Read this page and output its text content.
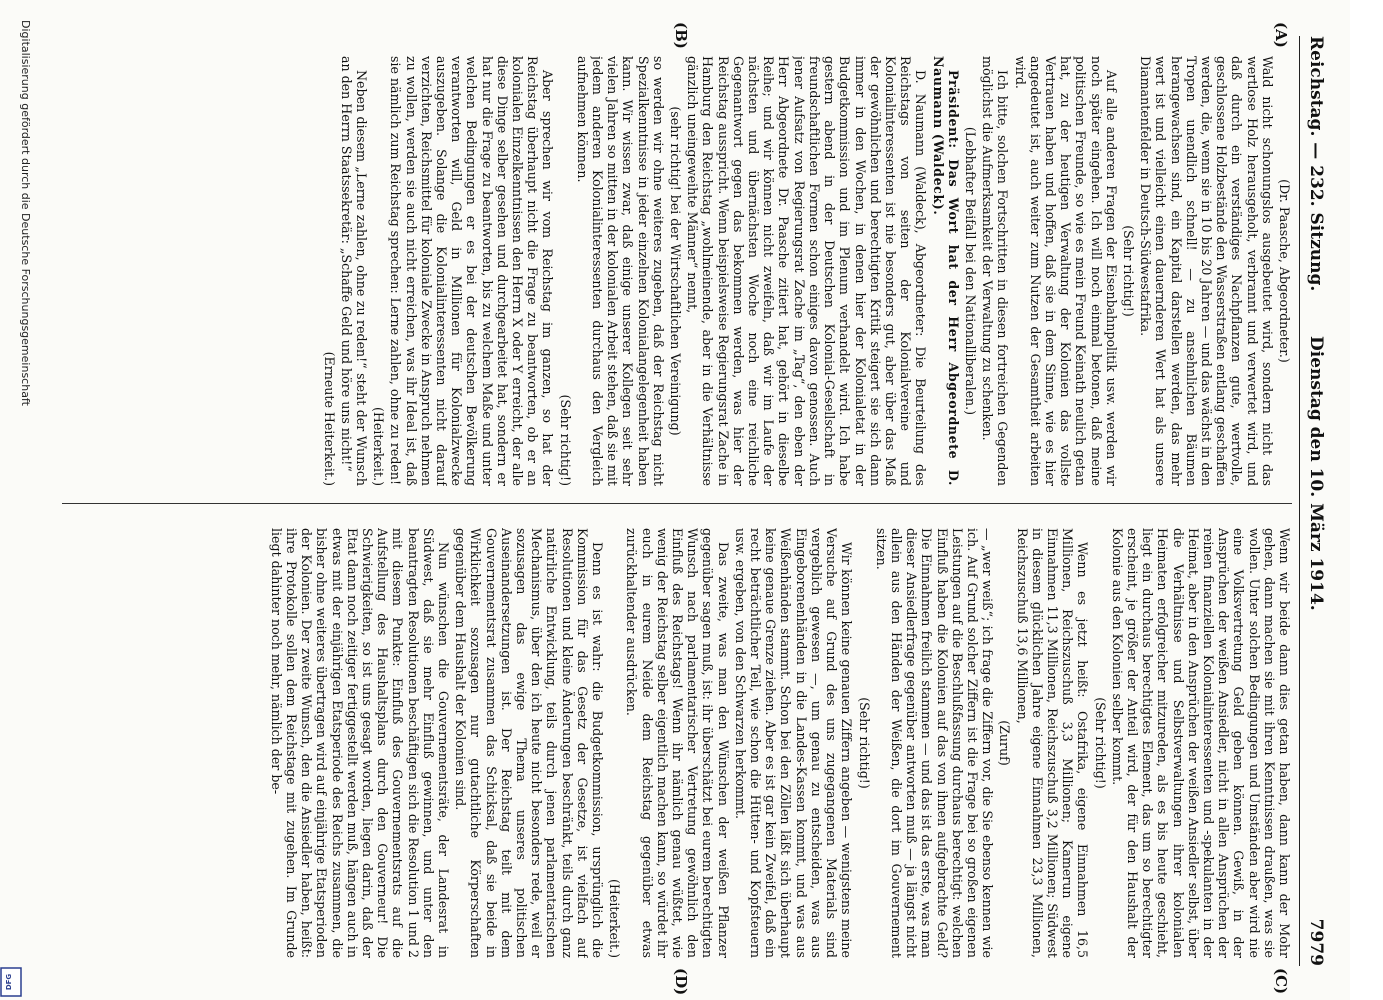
Reichstag. — 232. Sitzung.
Dienstag den 10. März 1914.
7979
(A)
(B)
(C)
(D)

(Dr. Paasche, Abgeordneter.)

Wald nicht schonungslos ausgebeutet wird, sondern nicht das wertlose Holz herausgeholt, verbrannt und verwertet wird, und daß durch ein verständiges Nachpflanzen gute, wertvolle, geschlossene Holzbestände den Wasserstraßen entlang geschaffen werden, die, wenn sie in 10 bis 20 Jahren — und das wächst in den Tropen unendlich schnell! — zu ansehnlichen Bäumen herangewachsen sind, ein Kapital darstellen werden, das mehr wert ist und vielleicht einen dauernderen Wert hat als unsere Diamantenfelder in Deutsch-Südwestafrika.

(Sehr richtig!)

Auf alle anderen Fragen der Eisenbahnpolitik usw. werden wir noch später eingehen. Ich will noch einmal betonen, daß meine politischen Freunde, so wie es mein Freund Keinath neulich getan hat, zu der heutigen Verwaltung der Kolonien das vollste Vertrauen haben und hoffen, daß sie in dem Sinne, wie es hier angedeutet ist, auch weiter zum Nutzen der Gesamtheit arbeiten wird.

Ich bitte, solchen Fortschritten in diesen fortreichen Gegenden möglichst die Aufmerksamkeit der Verwaltung zu schenken.

(Lebhafter Beifall bei den Nationalliberalen.)

Präsident: Das Wort hat der Herr Abgeordnete D. Naumann (Waldeck).

D. Naumann (Waldeck), Abgeordneter: Die Beurteilung des Reichstags von seiten der Kolonialvereine und Kolonialinteressenten ist nie besonders gut, aber über das Maß der gewöhnlichen und berechtigten Kritik steigert sie sich dann immer in den Wochen, in denen hier der Kolonialetat in der Budgetkommission und im Plenum verhandelt wird. Ich habe gestern abend in der Deutschen Kolonial-Gesellschaft in freundschaftlichen Formen schon einiges davon genossen. Auch jener Aufsatz von Regierungsrat Zache im „Tag“, den eben der Herr Abgeordnete Dr. Paasche zitiert hat, gehört in dieselbe Reihe; und wir können nicht zweifeln, daß wir im Laufe der nächsten und übernächsten Woche noch eine reichliche Gegenantwort gegen das bekommen werden, was hier der Reichstag ausspricht. Wenn beispielsweise Regierungsrat Zache in Hamburg den Reichstag „wohlmeinende, aber in die Verhältnisse gänzlich uneingeweihte Männer“ nennt,

(sehr richtig! bei der Wirtschaftlichen Vereinigung)

so werden wir ohne weiteres zugeben, daß der Reichstag nicht Spezialkenntnisse in jeder einzelnen Kolonialangelegenheit haben kann. Wir wissen zwar, daß einige unserer Kollegen seit sehr vielen Jahren so mitten in der kolonialen Arbeit stehen, daß sie mit jedem anderen Kolonialinteressenten durchaus den Vergleich aufnehmen können.

(Sehr richtig!)

Aber sprechen wir vom Reichstag im ganzen, so hat der Reichstag überhaupt nicht die Frage zu beantworten, ob er an kolonialen Einzelkenntnissen den Herrn X oder Y erreicht, der alle diese Dinge selber gesehen und durchgearbeitet hat, sondern er hat nur die Frage zu beantworten, bis zu welchem Maße und unter welchen Bedingungen er es bei der deutschen Bevölkerung verantworten will, Geld in Millionen für Kolonialzwecke auszugeben. Solange die Kolonialinteressenten nicht darauf verzichten, Reichsmittel für koloniale Zwecke in Anspruch nehmen zu wollen, werden sie auch nicht erreichen, was ihr Ideal ist, daß sie nämlich zum Reichstag sprechen: Lerne zahlen, ohne zu reden!

(Heiterkeit.)

Neben diesem „Lerne zahlen, ohne zu reden!“ steht der Wunsch an den Herrn Staatssekretär: „Schaffe Geld und höre uns nicht!“

(Erneute Heiterkeit.)

Wenn wir beide dann dies getan haben, dann kann der Mohr gehen, dann machen sie mit ihren Kenntnissen draußen, was sie wollen. Unter solchen Bedingungen und Umständen aber wird nie eine Volksvertretung Geld geben können. Gewiß, in der Ansprüchen der weißen Ansiedler, nicht in allen Ansprüchen der reinen finanziellen Kolonialinteressenten und -spekulanten in der Heimat, aber in den Ansprüchen der weißen Ansiedler selbst, über die Verhältnisse und Selbstverwaltungen ihrer kolonialen Heimaten erfolgreicher mitzureden, als es bis heute geschieht, liegt ein durchaus berechtigtes Element, das um so berechtigter erscheint, je größer der Anteil wird, der für den Haushalt der Kolonie aus den Kolonien selber kommt.

(Sehr richtig!)

Wenn es jetzt heißt: Ostafrika, eigene Einnahmen 16,5 Millionen, Reichszuschuß 3,3 Millionen; Kamerun eigene Einnahmen 11,3 Millionen, Reichszuschuß 3,2 Millionen; Südwest in diesem glücklichen Jahre eigene Einnahmen 23,3 Millionen, Reichszuschuß 13,6 Millionen,

(Zuruf)

— „wer weiß“; ich frage die Ziffern vor, die Sie ebenso kennen wie ich. Auf Grund solcher Ziffern ist die Frage bei so großen eigenen Leistungen auf die Beschlußfassung durchaus berechtigt: welchen Einfluß haben die Kolonien auf das von ihnen aufgebrachte Geld? Die Einnahmen freilich stammen — und das ist das erste, was man dieser Ansiedlerfrage gegenüber antworten muß — ja längst nicht allein aus den Händen der Weißen, die dort im Gouvernement sitzen.

(Sehr richtig!)

Wir können keine genauen Ziffern angeben — wenigstens meine Versuche auf Grund des uns zugegangenen Materials sind vergeblich gewesen —, um genau zu entscheiden, was aus Eingeborenenhänden in die Landes-Kassen kommt, und was aus Weißenhänden stammt. Schon bei den Zöllen läßt sich überhaupt keine genaue Grenze ziehen. Aber es ist gar kein Zweifel, daß ein recht beträchtlicher Teil, wie schon die Hütten- und Kopfsteuern usw. ergeben, von den Schwarzen herkommt.

Das zweite, was man den Wünschen der weißen Pflanzer gegenüber sagen muß, ist: ihr überschätzt bei eurem berechtigten Wunsch nach parlamentarischer Vertretung gewöhnlich den Einfluß des Reichstags! Wenn ihr nämlich genau wüßtet, wie wenig der Reichstag selber eigentlich machen kann, so würdet ihr euch in eurem Neide dem Reichstag gegenüber etwas zurückhaltender ausdrücken.

(Heiterkeit.)

Denn es ist wahr: die Budgetkommission, ursprünglich die Kommission für das Gesetz der Gesetze, ist vielfach auf Resolutionen und kleine Änderungen beschränkt, teils durch ganz natürliche Entwicklung, teils durch jenen parlamentarischen Mechanismus, über den ich heute nicht besonders rede, weil er sozusagen das ewige Thema unseres politischen Auseinandersetzungen ist. Der Reichstag teilt mit dem Gouvernementsrat zusammen das Schicksal, daß sie beide in Wirklichkeit sozusagen nur gutachtliche Körperschaften gegenüber dem Haushalt der Kolonien sind.

Nun wünschen die Gouvernementsräte, der Landesrat in Südwest, daß sie mehr Einfluß gewinnen, und unter den beantragten Resolutionen beschäftigen sich die Resolution 1 und 2 mit diesem Punkte: Einfluß des Gouvernementsrats auf die Aufstellung des Haushaltsplans durch den Gouverneur! Die Schwierigkeiten, so ist uns gesagt worden, liegen darin, daß der Etat dann noch zeitiger fertiggestellt werden muß, hängen auch in etwas mit der einjährigen Etatsperiode des Reichs zusammen, die bisher ohne weiteres übertragen wird auf einjährige Etatsperioden der Kolonien. Der zweite Wunsch, den die Ansiedler haben, heißt: ihre Protokolle sollen dem Reichstage mit zugehen. Im Grunde liegt dahinter noch mehr, nämlich der be-

Digitalisierung gefördert durch die Deutsche Forschungsgemeinschaft
DFG
